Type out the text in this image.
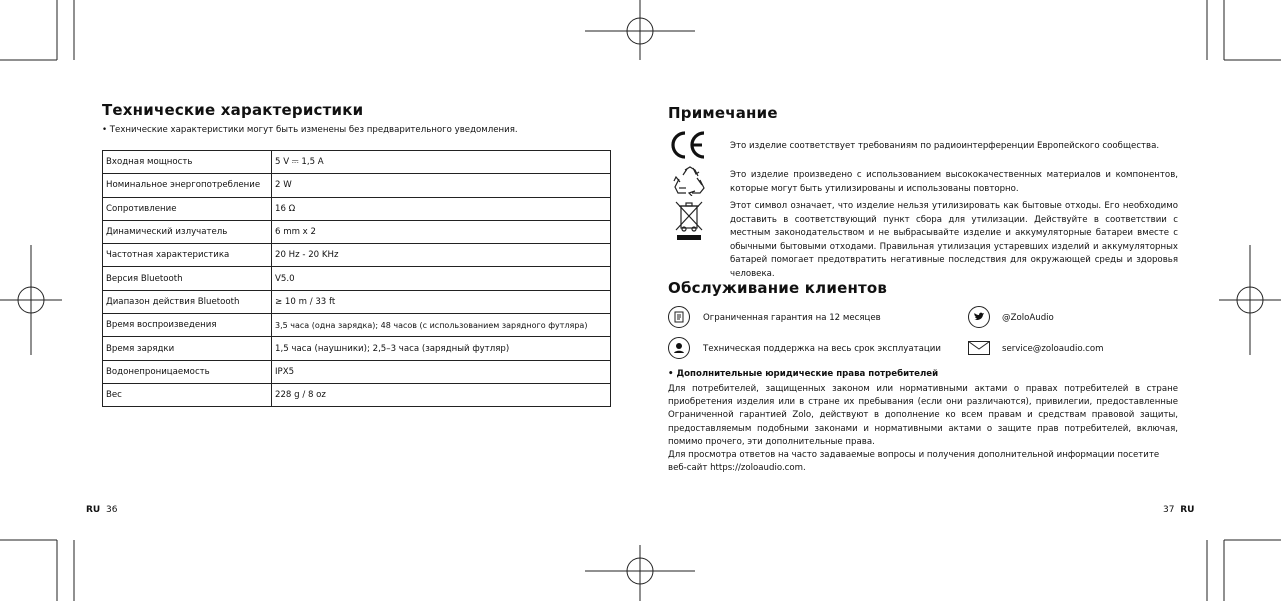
Технические характеристики
• Технические характеристики могут быть изменены без предварительного уведомления.
Входная мощность	5 V ⎓ 1,5 A
Номинальное энергопотребление	2 W
Сопротивление	16 Ω
Динамический излучатель	6 mm x 2
Частотная характеристика	20 Hz - 20 KHz
Версия Bluetooth	V5.0
Диапазон действия Bluetooth	≥ 10 m / 33 ft
Время воспроизведения	3,5 часа (одна зарядка); 48 часов (с использованием зарядного футляра)
Время зарядки	1,5 часа (наушники); 2,5–3 часа (зарядный футляр)
Водонепроницаемость	IPX5
Вес	228 g / 8 oz
RU 36
Примечание
Это изделие соответствует требованиям по радиоинтерференции Европейского сообщества.
Это изделие произведено с использованием высококачественных материалов и компонентов, которые могут быть утилизированы и использованы повторно.
Этот символ означает, что изделие нельзя утилизировать как бытовые отходы. Его необходимо доставить в соответствующий пункт сбора для утилизации. Действуйте в соответствии с местным законодательством и не выбрасывайте изделие и аккумуляторные батареи вместе с обычными бытовыми отходами. Правильная утилизация устаревших изделий и аккумуляторных батарей помогает предотвратить негативные последствия для окружающей среды и здоровья человека.
Обслуживание клиентов
Ограниченная гарантия на 12 месяцев	@ZoloAudio
Техническая поддержка на весь срок эксплуатации	service@zoloaudio.com
• Дополнительные юридические права потребителей
Для потребителей, защищенных законом или нормативными актами о правах потребителей в стране приобретения изделия или в стране их пребывания (если они различаются), привилегии, предоставленные Ограниченной гарантией Zolo, действуют в дополнение ко всем правам и средствам правовой защиты, предоставляемым подобными законами и нормативными актами о защите прав потребителей, включая, помимо прочего, эти дополнительные права.
Для просмотра ответов на часто задаваемые вопросы и получения дополнительной информации посетите веб-сайт https://zoloaudio.com.
37 RU
